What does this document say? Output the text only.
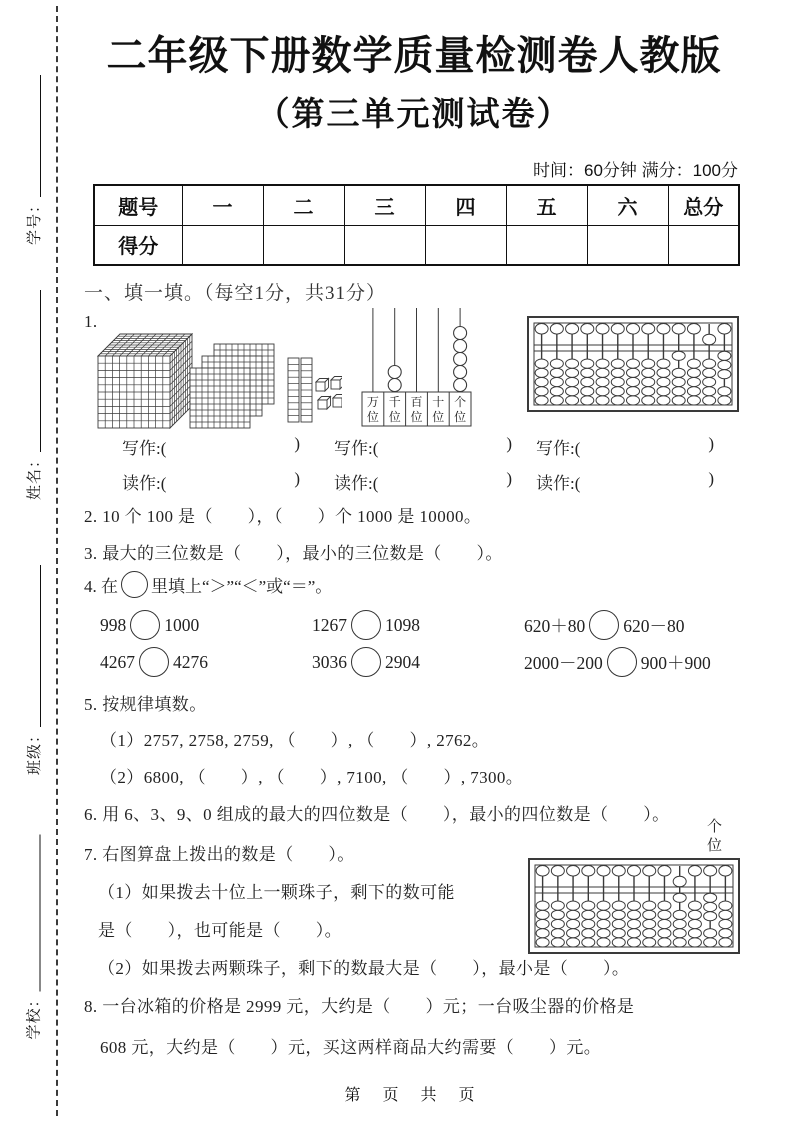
学号：
姓名：
班级：
学校：
二年级下册数学质量检测卷人教版
（第三单元测试卷）
时间：60分钟 满分：100分
题号	一	二	三	四	五	六	总分
得分							
一、填一填。（每空1分，共31分）
1.
万
位
千
位
百
位
十
位
个
位
写作:(	) 写作:(	) 写作:(	)
读作:(	) 读作:(	) 读作:(	)
2. 10 个 100 是（　　），（　　）个 1000 是 10000。
3. 最大的三位数是（　　），最小的三位数是（　　）。
4. 在 里填上“＞”“＜”或“＝”。
998 1000	1267 1098	620＋80 620－80
4267 4276	3036 2904	2000－200 900＋900
5. 按规律填数。
（1）2757, 2758, 2759, （　　）, （　　）, 2762。
（2）6800, （　　）, （　　）, 7100, （　　）, 7300。
6. 用 6、3、9、0 组成的最大的四位数是（　　），最小的四位数是（　　）。
7. 右图算盘上拨出的数是（　　）。
（1）如果拨去十位上一颗珠子，剩下的数可能
是（　　），也可能是（　　）。
（2）如果拨去两颗珠子，剩下的数最大是（　　），最小是（　　）。
个位
8. 一台冰箱的价格是 2999 元，大约是（　　）元；一台吸尘器的价格是
608 元，大约是（　　）元，买这两样商品大约需要（　　）元。
第 页 共 页
